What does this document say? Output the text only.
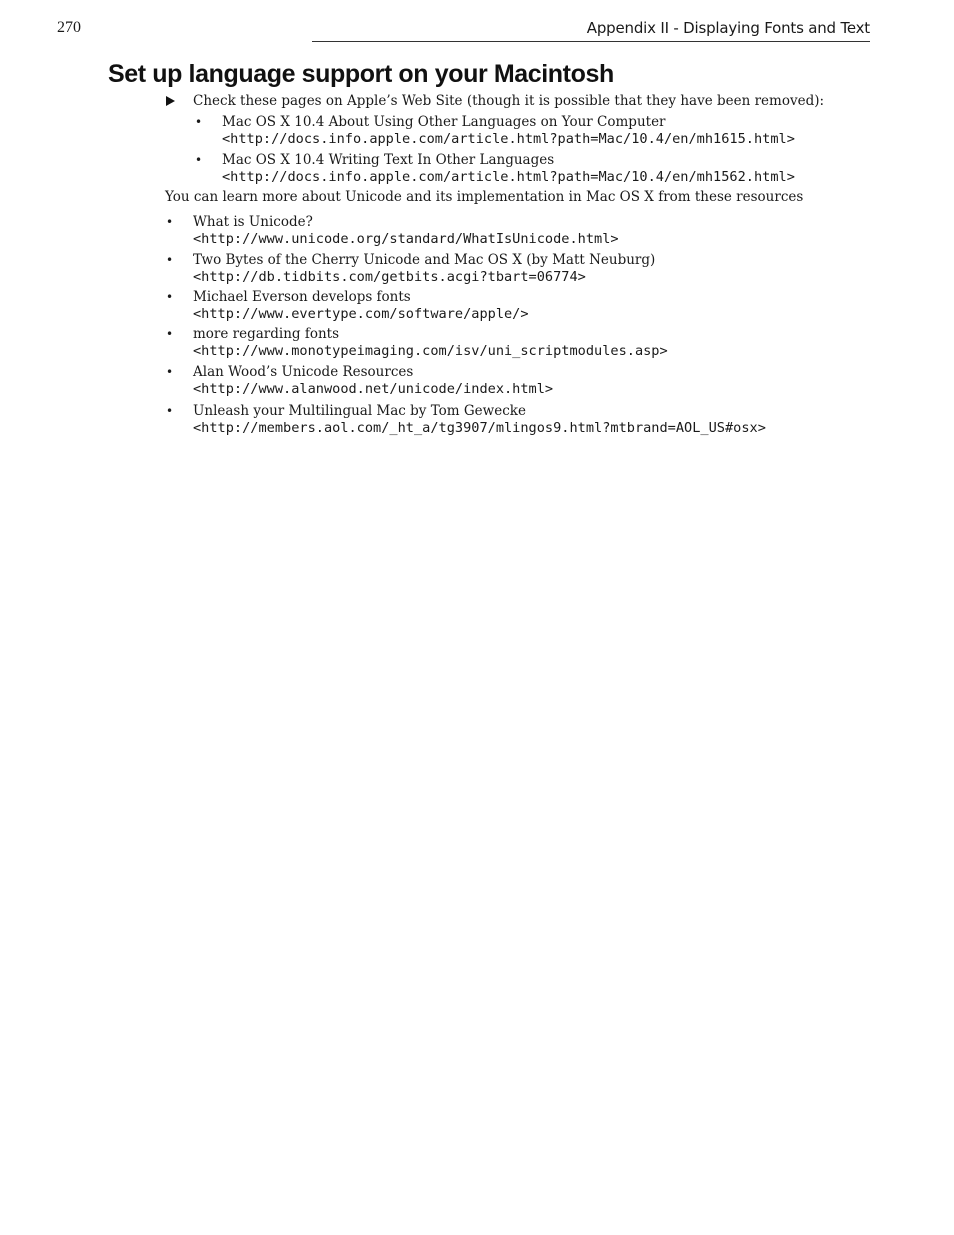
270	Appendix II - Displaying Fonts and Text
Set up language support on your Macintosh
Check these pages on Apple’s Web Site (though it is possible that they have been removed):
• Mac OS X 10.4 About Using Other Languages on Your Computer
<http://docs.info.apple.com/article.html?path=Mac/10.4/en/mh1615.html>
• Mac OS X 10.4 Writing Text In Other Languages
<http://docs.info.apple.com/article.html?path=Mac/10.4/en/mh1562.html>
You can learn more about Unicode and its implementation in Mac OS X from these resources
• What is Unicode?
<http://www.unicode.org/standard/WhatIsUnicode.html>
• Two Bytes of the Cherry Unicode and Mac OS X (by Matt Neuburg)
<http://db.tidbits.com/getbits.acgi?tbart=06774>
• Michael Everson develops fonts
<http://www.evertype.com/software/apple/>
• more regarding fonts
<http://www.monotypeimaging.com/isv/uni_scriptmodules.asp>
• Alan Wood’s Unicode Resources
<http://www.alanwood.net/unicode/index.html>
• Unleash your Multilingual Mac by Tom Gewecke
<http://members.aol.com/_ht_a/tg3907/mlingos9.html?mtbrand=AOL_US#osx>
